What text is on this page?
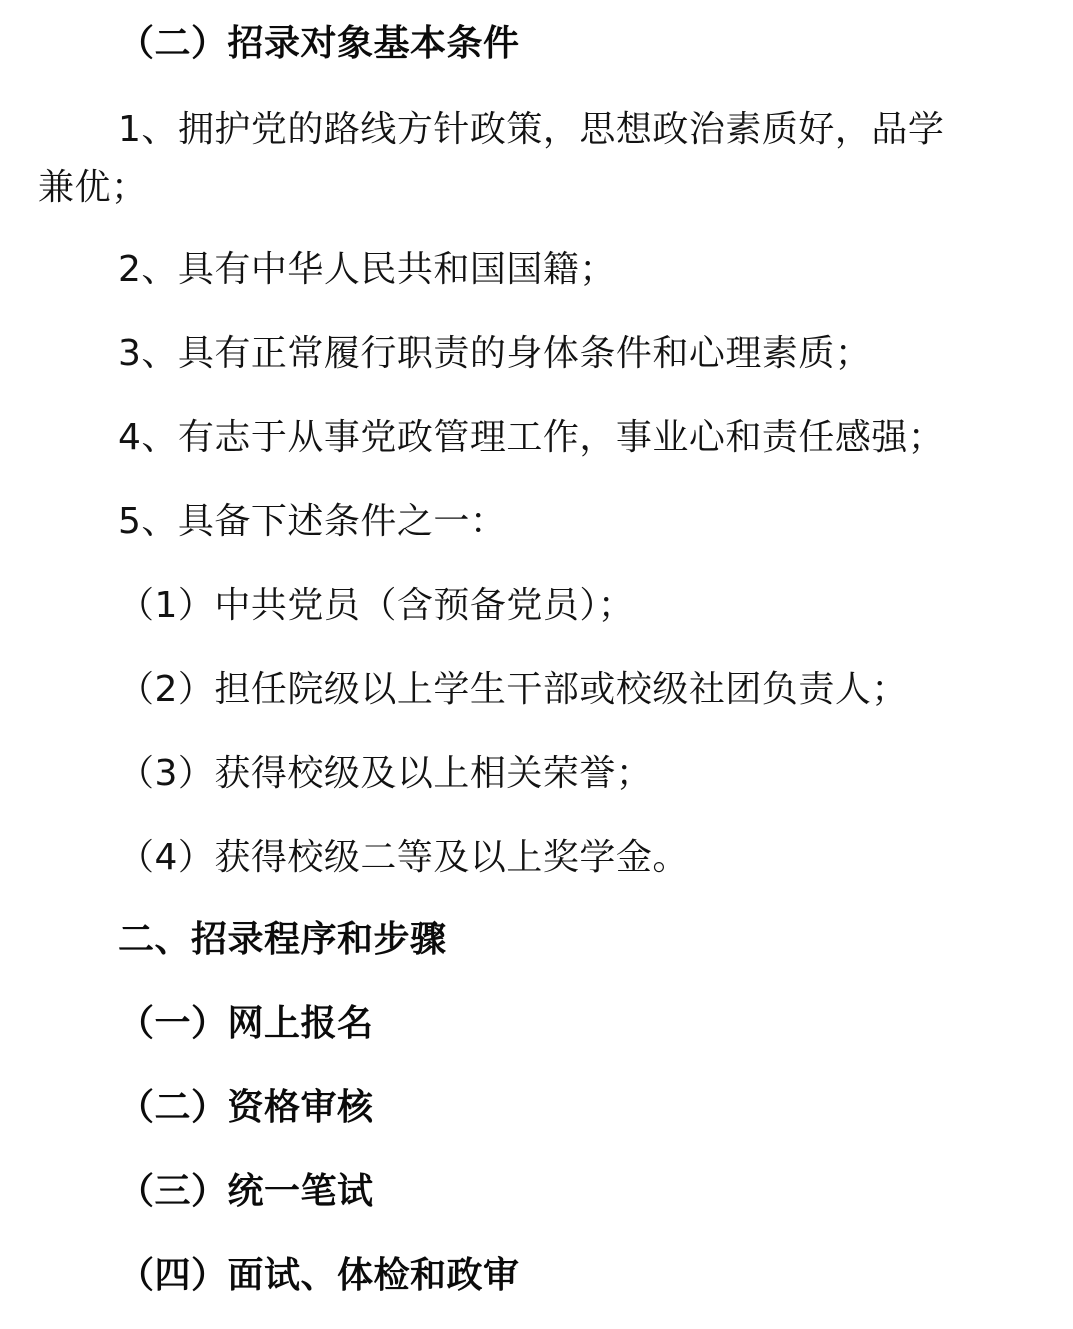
（二）招录对象基本条件
1、拥护党的路线方针政策，思想政治素质好，品学
兼优；
2、具有中华人民共和国国籍；
3、具有正常履行职责的身体条件和心理素质；
4、有志于从事党政管理工作，事业心和责任感强；
5、具备下述条件之一：
（1）中共党员（含预备党员）；
（2）担任院级以上学生干部或校级社团负责人；
（3）获得校级及以上相关荣誉；
（4）获得校级二等及以上奖学金。
二、招录程序和步骤
（一）网上报名
（二）资格审核
（三）统一笔试
（四）面试、体检和政审
